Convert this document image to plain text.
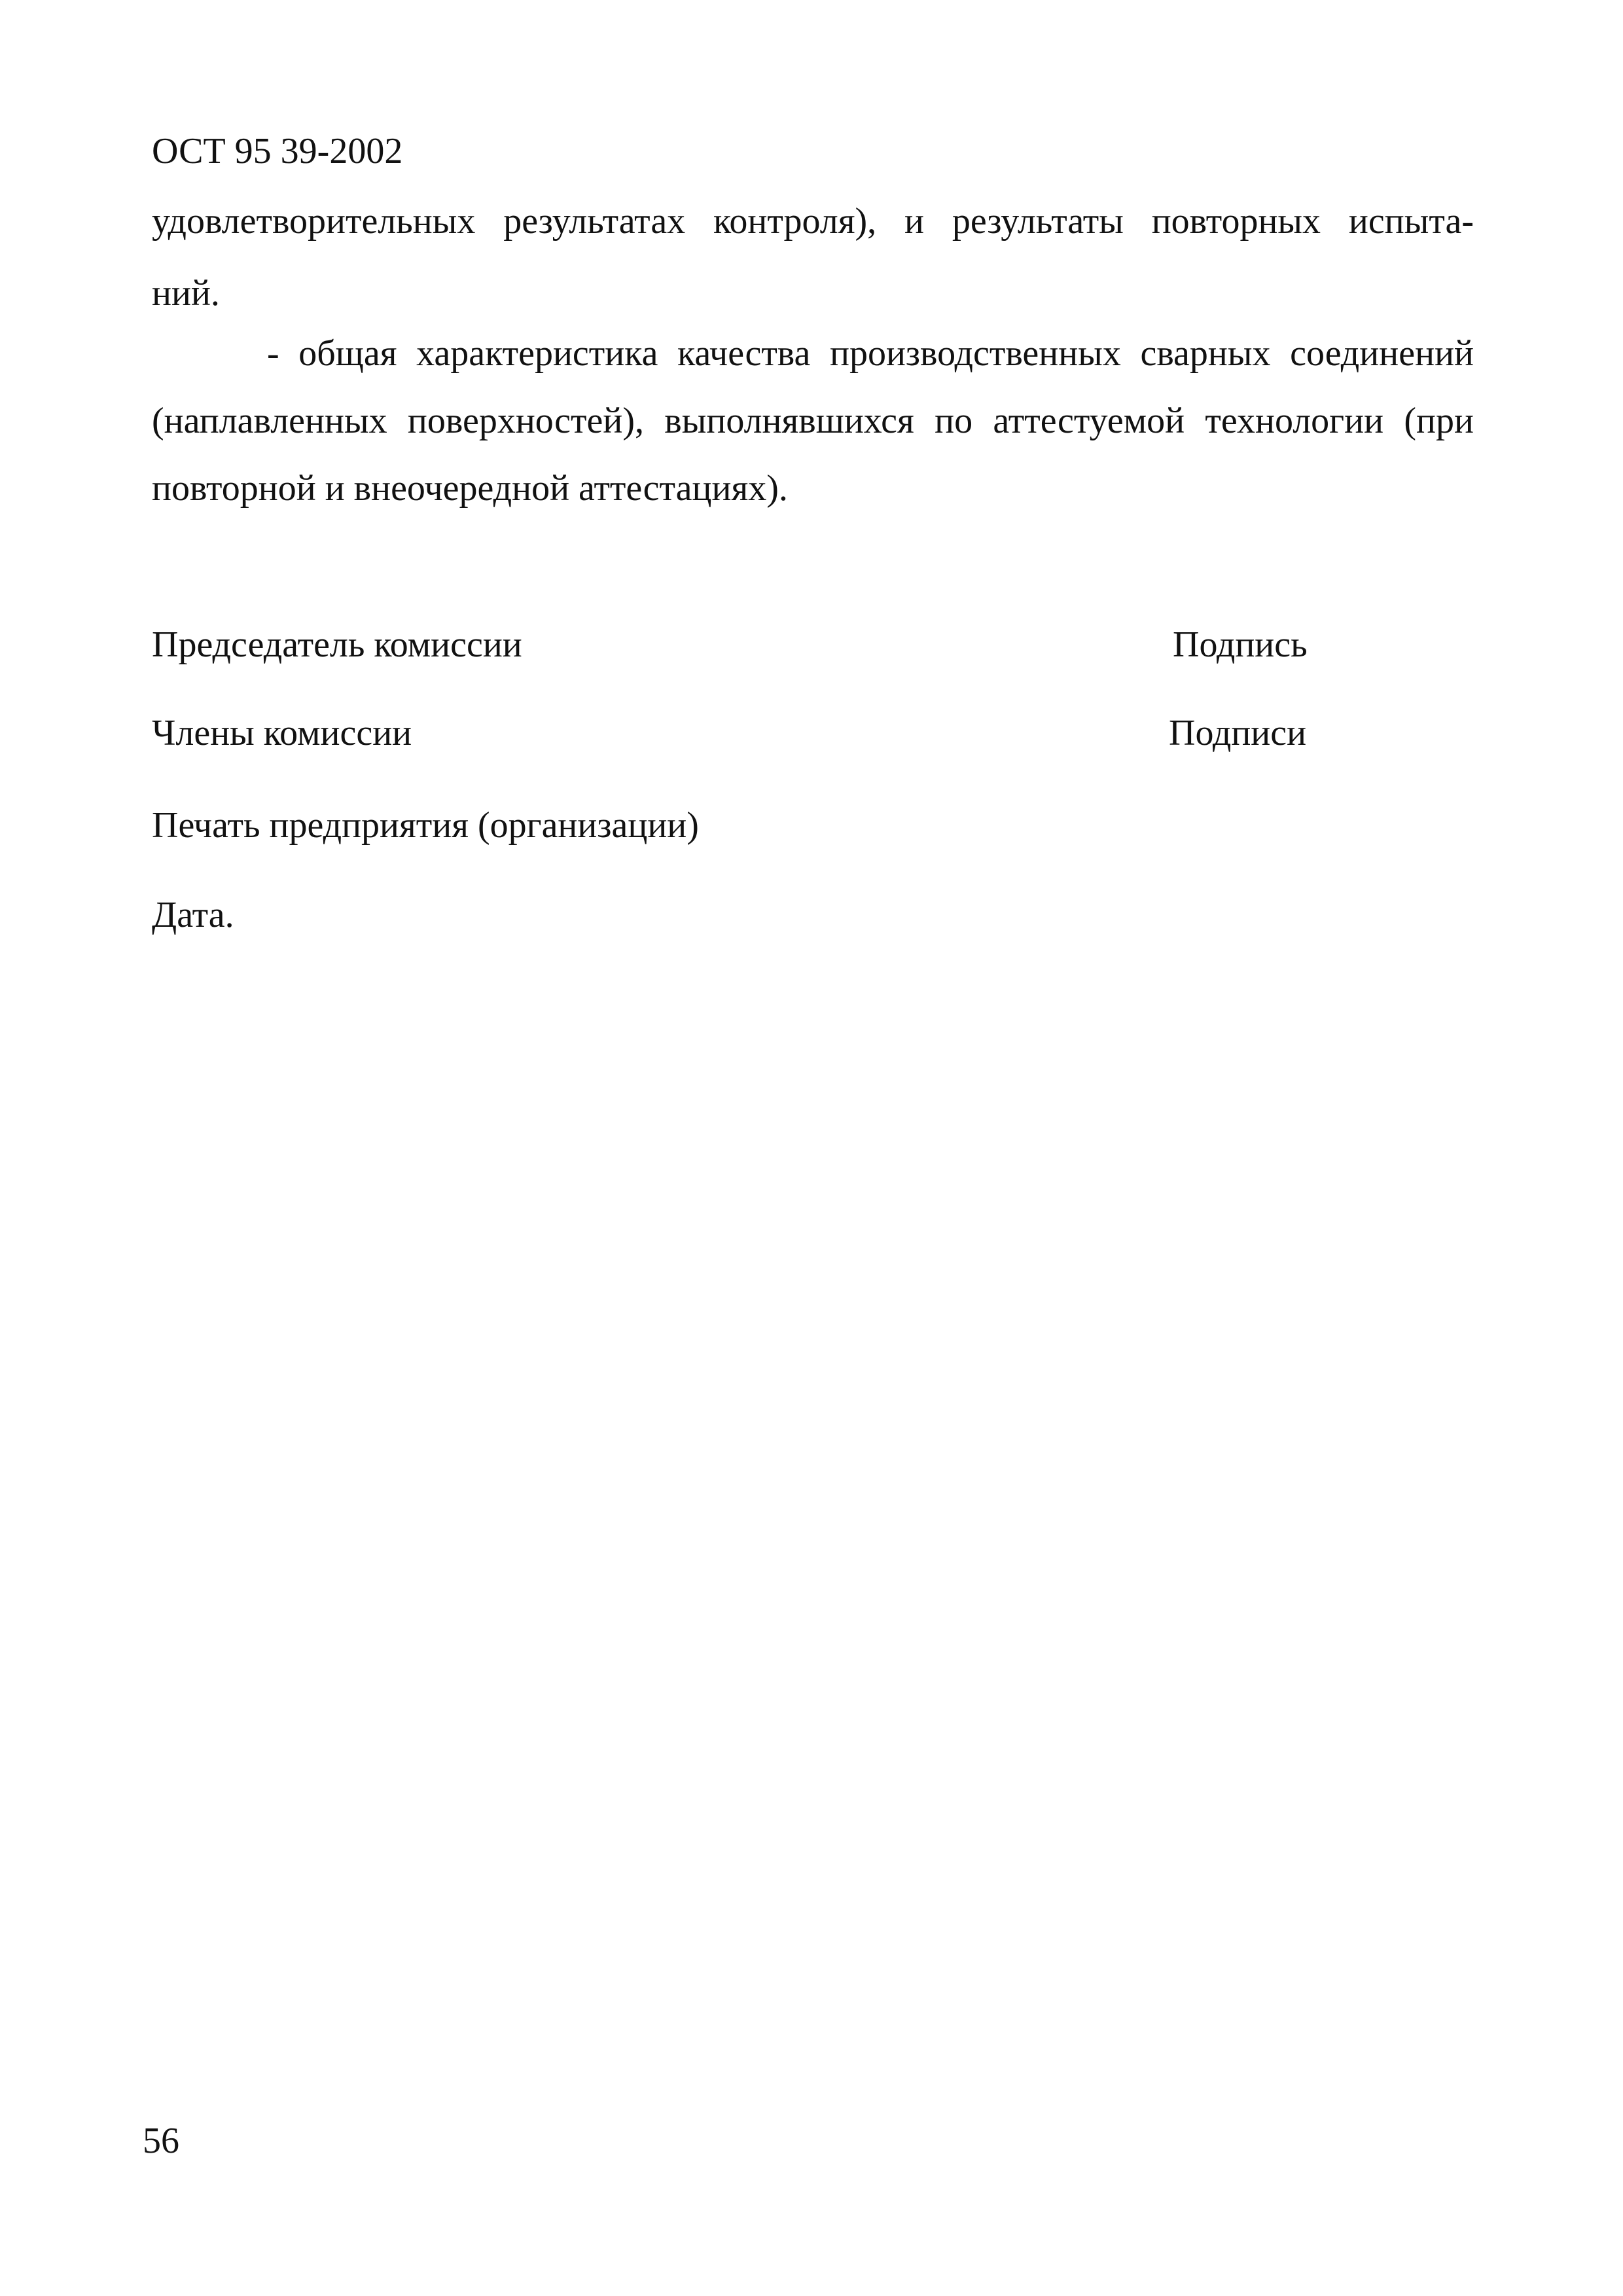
ОСТ 95 39-2002
удовлетворительных результатах контроля), и результаты повторных испыта-
ний.
- общая характеристика качества производственных сварных соединений
(наплавленных поверхностей), выполнявшихся по аттестуемой технологии (при
повторной и внеочередной аттестациях).
Председатель комиссии	Подпись
Члены комиссии	Подписи
Печать предприятия (организации)
Дата.
56
